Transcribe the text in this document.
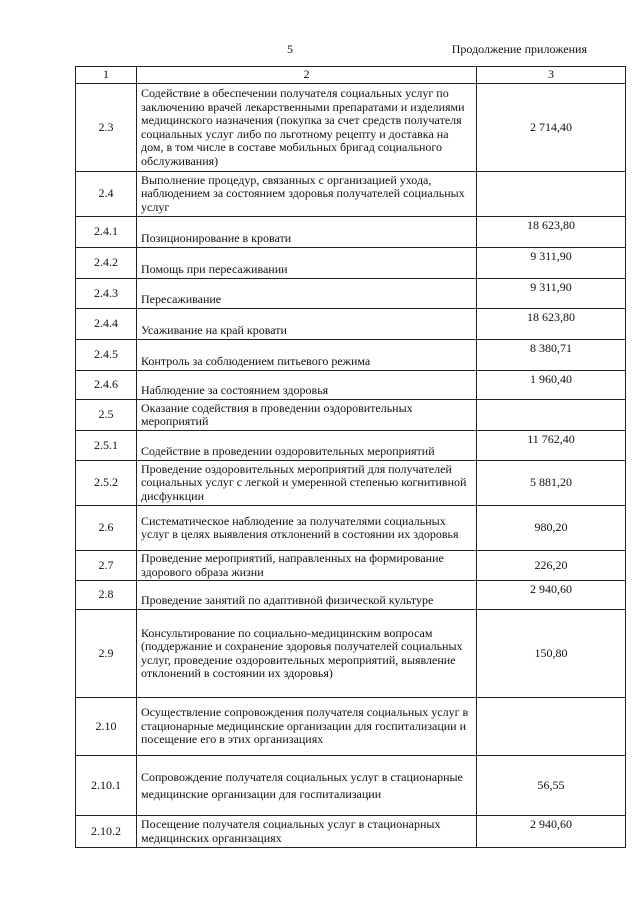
5	Продолжение приложения
1	2	3
2.3	Содействие в обеспечении получателя социальных услуг по заключению врачей лекарственными препаратами и изделиями медицинского назначения (покупка за счет средств получателя социальных услуг либо по льготному рецепту и доставка на дом, в том числе в составе мобильных бригад социального обслуживания)	2 714,40
2.4	Выполнение процедур, связанных с организацией ухода, наблюдением за состоянием здоровья получателей социальных услуг	
2.4.1	Позиционирование в кровати	18 623,80
2.4.2	Помощь при пересаживании	9 311,90
2.4.3	Пересаживание	9 311,90
2.4.4	Усаживание на край кровати	18 623,80
2.4.5	Контроль за соблюдением питьевого режима	8 380,71
2.4.6	Наблюдение за состоянием здоровья	1 960,40
2.5	Оказание содействия в проведении оздоровительных мероприятий	
2.5.1	Содействие в проведении оздоровительных мероприятий	11 762,40
2.5.2	Проведение оздоровительных мероприятий для получателей социальных услуг с легкой и умеренной степенью когнитивной дисфункции	5 881,20
2.6	Систематическое наблюдение за получателями социальных услуг в целях выявления отклонений в состоянии их здоровья	980,20
2.7	Проведение мероприятий, направленных на формирование здорового образа жизни	226,20
2.8	Проведение занятий по адаптивной физической культуре	2 940,60
2.9	Консультирование по социально-медицинским вопросам (поддержание и сохранение здоровья получателей социальных услуг, проведение оздоровительных мероприятий, выявление отклонений в состоянии их здоровья)	150,80
2.10	Осуществление сопровождения получателя социальных услуг в стационарные медицинские организации для госпитализации и посещение его в этих организациях	
2.10.1	Сопровождение получателя социальных услуг в стационарные медицинские организации для госпитализации	56,55
2.10.2	Посещение получателя социальных услуг в стационарных медицинских организациях	2 940,60
